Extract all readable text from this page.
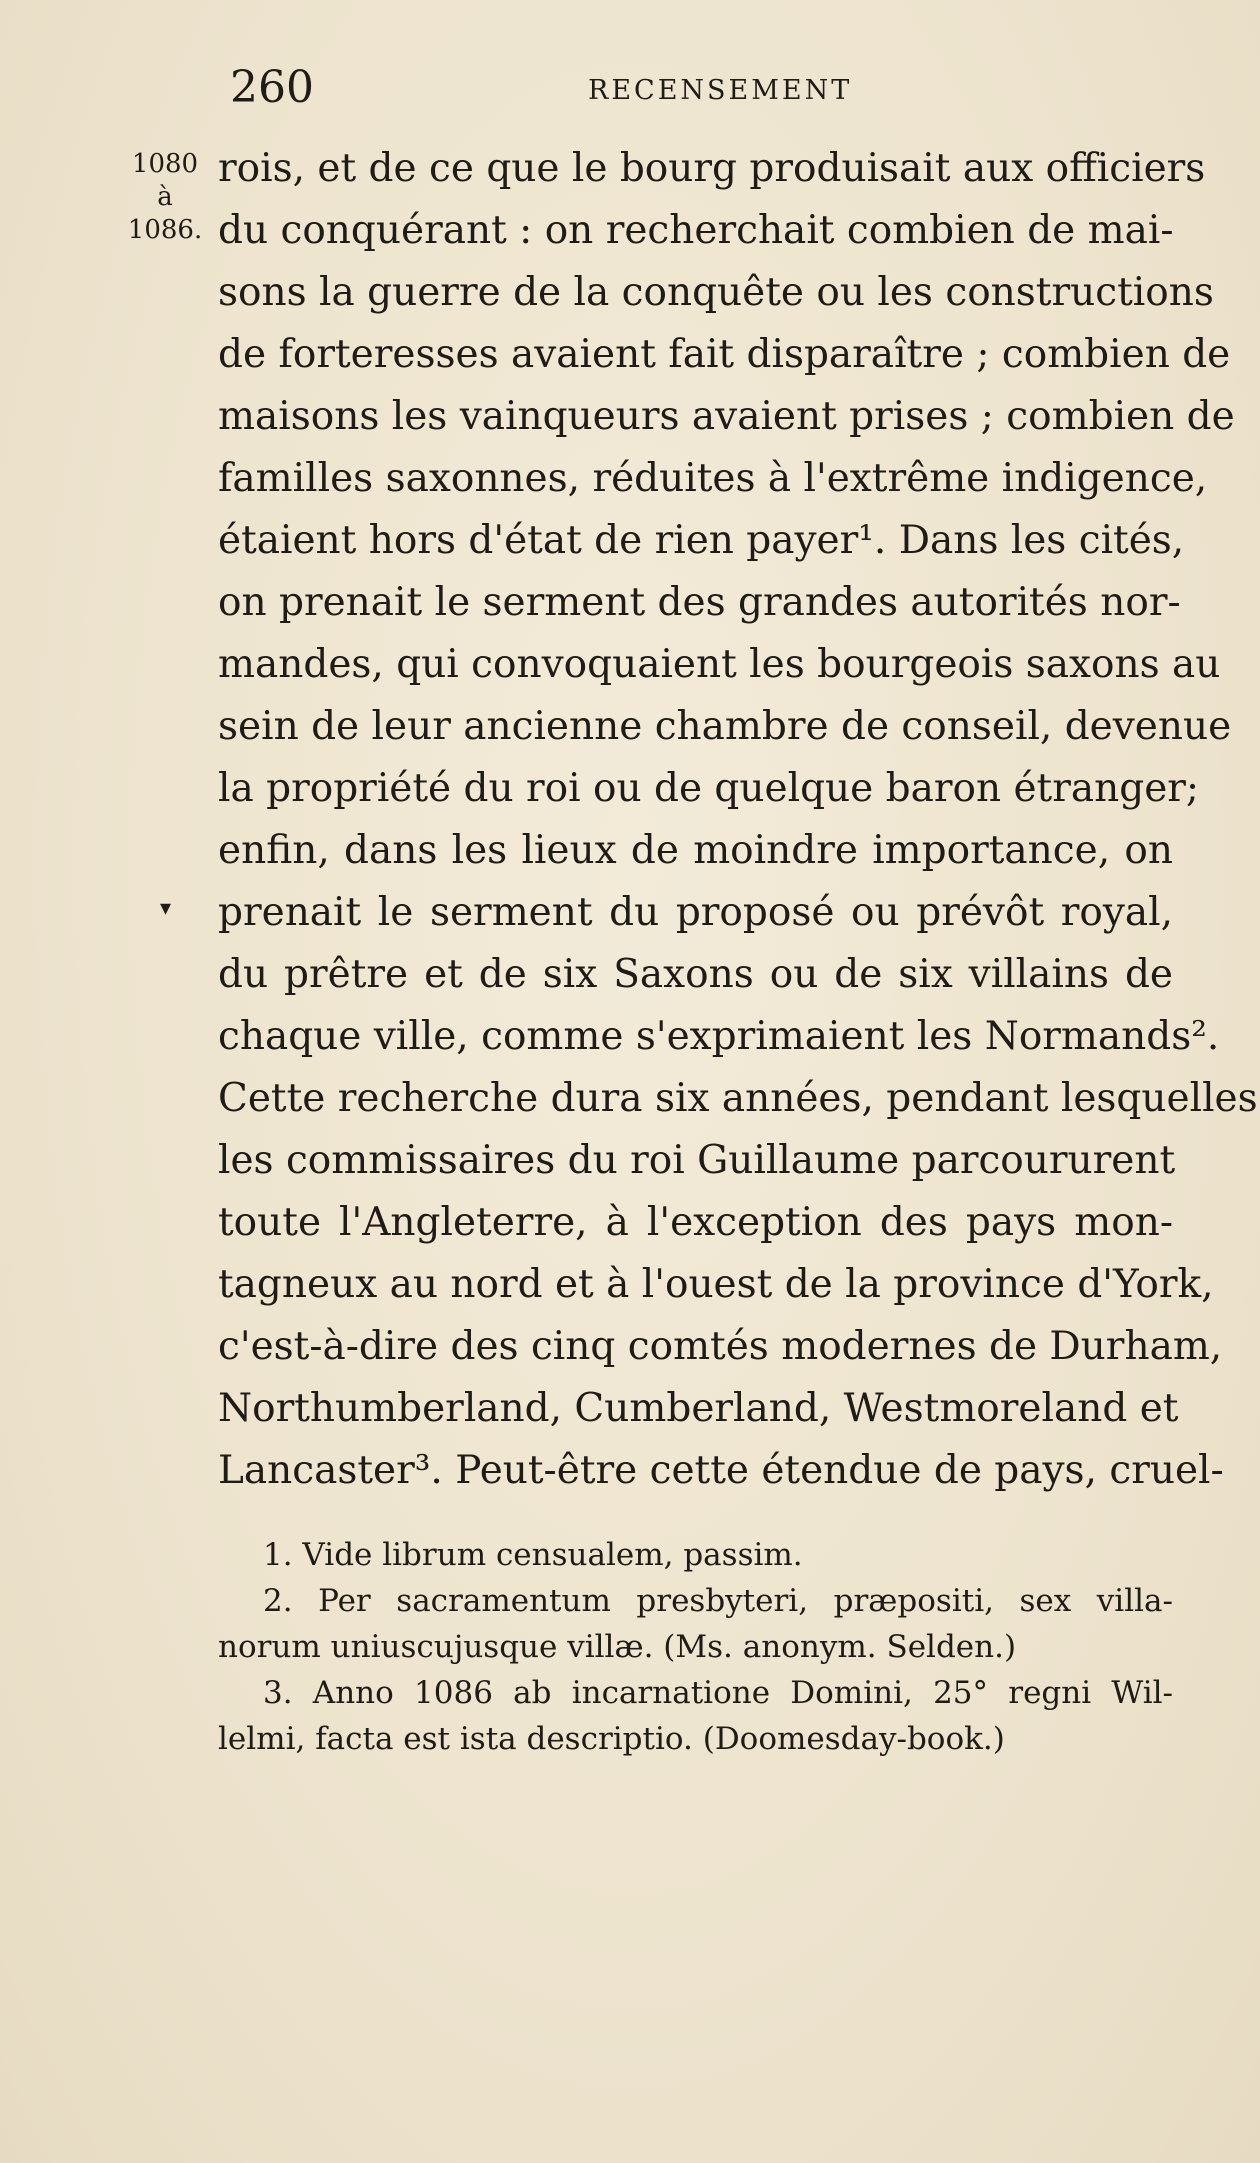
260	RECENSEMENT
1080
à
1086.
▾
rois, et de ce que le bourg produisait aux officiers
du conquérant : on recherchait combien de mai-
sons la guerre de la conquête ou les constructions
de forteresses avaient fait disparaître ; combien de
maisons les vainqueurs avaient prises ; combien de
familles saxonnes, réduites à l'extrême indigence,
étaient hors d'état de rien payer¹. Dans les cités,
on prenait le serment des grandes autorités nor-
mandes, qui convoquaient les bourgeois saxons au
sein de leur ancienne chambre de conseil, devenue
la propriété du roi ou de quelque baron étranger;
enfin, dans les lieux de moindre importance, on
prenait le serment du proposé ou prévôt royal,
du prêtre et de six Saxons ou de six villains de
chaque ville, comme s'exprimaient les Normands².
Cette recherche dura six années, pendant lesquelles
les commissaires du roi Guillaume parcoururent
toute l'Angleterre, à l'exception des pays mon-
tagneux au nord et à l'ouest de la province d'York,
c'est-à-dire des cinq comtés modernes de Durham,
Northumberland, Cumberland, Westmoreland et
Lancaster³. Peut-être cette étendue de pays, cruel-
1. Vide librum censualem, passim.
2. Per sacramentum presbyteri, præpositi, sex villa-
norum uniuscujusque villæ. (Ms. anonym. Selden.)
3. Anno 1086 ab incarnatione Domini, 25° regni Wil-
lelmi, facta est ista descriptio. (Doomesday-book.)
